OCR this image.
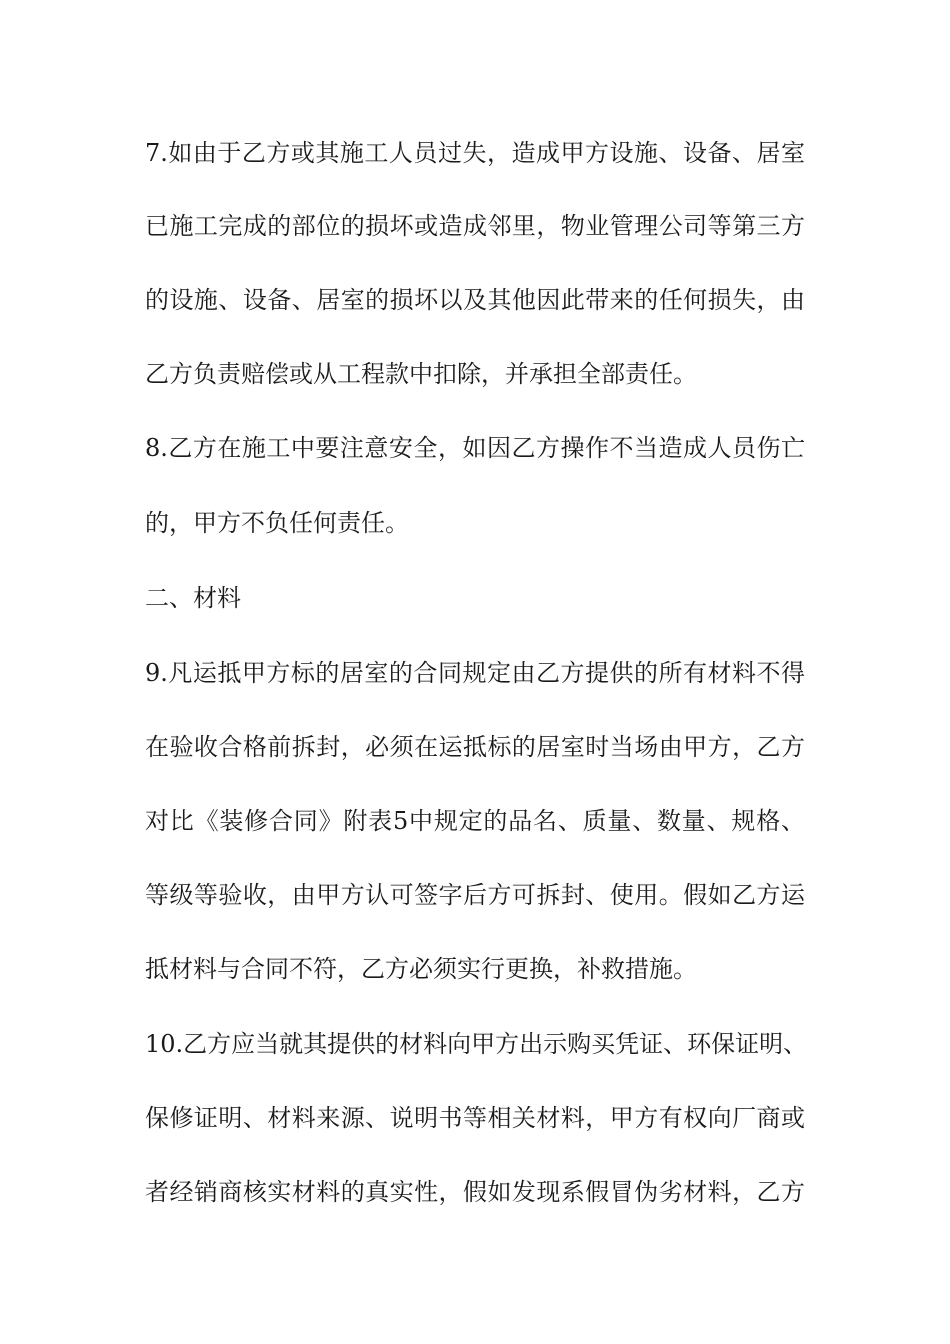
7.如由于乙方或其施工人员过失，造成甲方设施、设备、居室
已施工完成的部位的损坏或造成邻里，物业管理公司等第三方
的设施、设备、居室的损坏以及其他因此带来的任何损失，由
乙方负责赔偿或从工程款中扣除，并承担全部责任。
8.乙方在施工中要注意安全，如因乙方操作不当造成人员伤亡
的，甲方不负任何责任。
二、材料
9.凡运抵甲方标的居室的合同规定由乙方提供的所有材料不得
在验收合格前拆封，必须在运抵标的居室时当场由甲方，乙方
对比《装修合同》附表5中规定的品名、质量、数量、规格、
等级等验收，由甲方认可签字后方可拆封、使用。假如乙方运
抵材料与合同不符，乙方必须实行更换，补救措施。
10.乙方应当就其提供的材料向甲方出示购买凭证、环保证明、
保修证明、材料来源、说明书等相关材料，甲方有权向厂商或
者经销商核实材料的真实性，假如发现系假冒伪劣材料，乙方
